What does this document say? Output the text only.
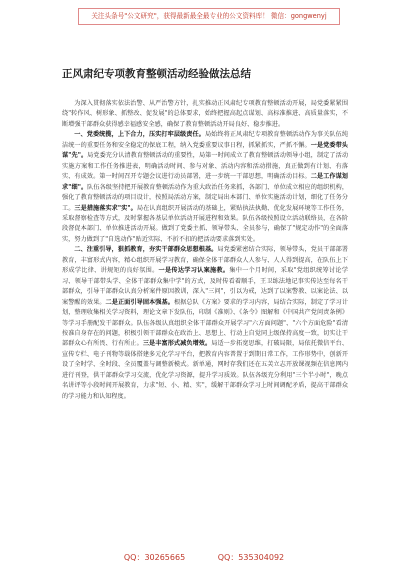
关注头条号"公文研究"，获得最新最全最专业的公文资料库！ 微信：gongwenyj
正风肃纪专项教育整顿活动经验做法总结

为深入贯彻落实依法治警、从严治警方针，扎实推动正风肃纪专项教育整顿活动开展，局党委紧紧围绕"转作风、树形象、抓整改、促发展"的总体要求，始终把握高起点谋划、高标准推进、高质量落实，不断增强干部群众获得感幸福感安全感，确保了教育整顿活动开局良好、稳步推进。

一、党委统揽，上下合力，压实打牢层级责任。局始终将正风肃纪专项教育整顿活动作为事关队伍纯洁统一的重要任务和安全稳定的保底工程，纳入党委重要议事日程，抓紧抓实，严抓不懈。一是党委带头谋"先"。局党委充分认清教育整顿活动的重要性，局第一时间成立了教育整顿活动领导小组，制定了活动实施方案和工作任务推进表，明确活动时间、参与对象、活动内容和活动措施，真正做到有计划、有落实、有成效。第一时间召开专题会议进行动员部署，进一步统一干部思想，明确活动目标。二是工作谋划求"细"。队伍各级坚持把开展教育整顿活动作为重大政治任务来抓，各部门、单位成立相应的组织机构，强化了教育整顿活动的项目设计，按照局活动方案，制定局出本部门、单位实施活动计划，细化了任务分工。三是措施落实求"实"。局在认真组织开展活动的基础上，紧贴执法执勤、优化发展环境等工作任务，采取督察检查等方式，及时掌握各基层单位活动开展进程和效果。队伍各级按照设立活动联络员，在各阶段督促本部门、单位推进活动开展。做到了党委主抓、领导带头、全员参与，确保了"规定动作"的全面落实，努力做到了"自选动作"贴近实际、不折不扣的把活动要求落到实处。

二、注重引导，狠抓教育，夯实干部群众思想根基。局党委紧密结合实际，领导带头，党员干部部署教育，丰富形式内容，精心组织开展学习教育，确保全体干部群众人人参与、人人得到提高，在队伍上下形成学比律、讲规矩的良好氛围。一是传达学习认案施教。集中一个月时间，采取"党组织统筹讨论学习、领导干部带头学、全体干部群众集中学"的方式，及时传看着顺手，王卫练法地记事实传达至每名干部群众，引导干部群众认真分析案件原因教训，深入"三问"，引以为戒，达到了以案警教、以案论法、以案警醒的效果。二是正面引导固本强基。根据总队《方案》要求的学习内容，局结合实际，制定了学习计划，整理收集相关学习资料，理论文章下发队伍，印制《准则》、《条令》图解和《中国共产党问责条例》等学习手册配发干部群众。队伍各级认真组织全体干部群众开展学习"六方面问题"、"六个方面危险"看清按准自身存在的问题，积极引领干部群众在政治上、思想上、行动上自觉同上级保持高度一致，切实让干部群众心有所畏、行有所止。三是丰富形式减负增效。局适一步拓宽思维，打破局限，局依托微信平台、宣传专栏、电子刊物等载体搭建多元化学习平台，把教育内容普置于到期日常工作，工作形势中，创新开设了全时学、全时段、全员覆盖与调整新模式。新单通，网时存我们还在五芙立志开放课视频在信息网内进行刊登，供干部群众学习交流，优化学习资源，提升学习质效。队伍各级充分利用"三个半小时"，晚点名讲评等小段时间开展教育，力求"短、小、精、实"，缓解干部群众学习上时间调配矛盾，提高干部群众的学习能力和认知程度。

QQ：30265665	QQ：535304092
